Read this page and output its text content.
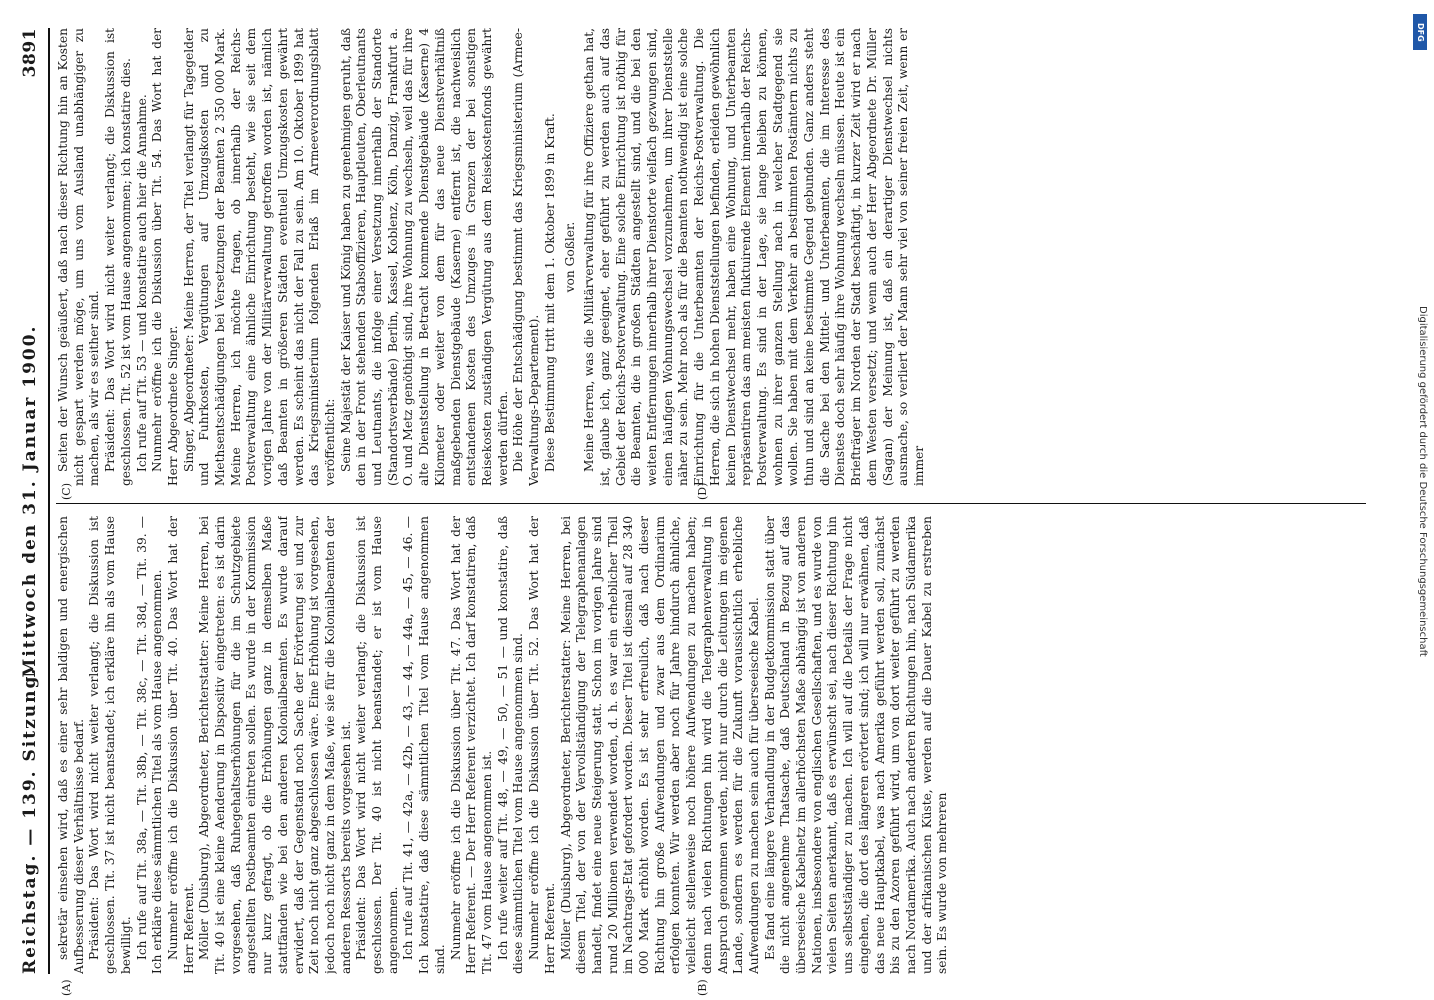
Reichstag. — 139. Sitzung.
Mittwoch den 31. Januar 1900.
3891
(A)	(B)
(C)	(D)

sekretär einsehen wird, daß es einer sehr baldigen und energischen Aufbesserung dieser Verhältnisse bedarf. Präsident: Das Wort wird nicht weiter verlangt; die Diskussion ist geschlossen. Tit. 37 ist nicht beanstandet; ich erkläre ihn als vom Hause bewilligt. Ich rufe auf Tit. 38a, — Tit. 38b, — Tit. 38c, — Tit. 38d, — Tit. 39. — Ich erkläre diese sämmtlichen Titel als vom Hause angenommen. Nunmehr eröffne ich die Diskussion über Tit. 40. Das Wort hat der Herr Referent. Möller (Duisburg), Abgeordneter, Berichterstatter: Meine Herren, bei Tit. 40 ist eine kleine Aenderung in Dispositiv eingetreten: es ist darin vorgesehen, daß Ruhegehaltserhöhungen für die im Schutzgebiete angestellten Postbeamten eintreten sollen. Es wurde in der Kommission nur kurz gefragt, ob die Erhöhungen ganz in demselben Maße stattfänden wie bei den anderen Kolonialbeamten. Es wurde darauf erwidert, daß der Gegenstand noch Sache der Erörterung sei und zur Zeit noch nicht ganz abgeschlossen wäre. Eine Erhöhung ist vorgesehen, jedoch noch nicht ganz in dem Maße, wie sie für die Kolonialbeamten der anderen Ressorts bereits vorgesehen ist. Präsident: Das Wort wird nicht weiter verlangt; die Diskussion ist geschlossen. Der Tit. 40 ist nicht beanstandet; er ist vom Hause angenommen. Ich rufe auf Tit. 41, — 42a, — 42b, — 43, — 44, — 44a, — 45, — 46. — Ich konstatire, daß diese sämmtlichen Titel vom Hause angenommen sind. Nunmehr eröffne ich die Diskussion über Tit. 47. Das Wort hat der Herr Referent. — Der Herr Referent verzichtet. Ich darf konstatiren, daß Tit. 47 vom Hause angenommen ist. Ich rufe weiter auf Tit. 48, — 49, — 50, — 51 — und konstatire, daß diese sämmtlichen Titel vom Hause angenommen sind. Nunmehr eröffne ich die Diskussion über Tit. 52. Das Wort hat der Herr Referent. Möller (Duisburg), Abgeordneter, Berichterstatter: Meine Herren, bei diesem Titel, der von der Vervollständigung der Telegraphenanlagen handelt, findet eine neue Steigerung statt. Schon im vorigen Jahre sind rund 20 Millionen verwendet worden, d. h. es war ein erheblicher Theil im Nachtrags-Etat gefordert worden. Dieser Titel ist diesmal auf 28 340 000 Mark erhöht worden. Es ist sehr erfreulich, daß nach dieser Richtung hin große Aufwendungen und zwar aus dem Ordinarium erfolgen konnten. Wir werden aber noch für Jahre hindurch ähnliche, vielleicht stellenweise noch höhere Aufwendungen zu machen haben; denn nach vielen Richtungen hin wird die Telegraphenverwaltung in Anspruch genommen werden, nicht nur durch die Leitungen im eigenen Lande, sondern es werden für die Zukunft voraussichtlich erhebliche Aufwendungen zu machen sein auch für überseeische Kabel. Es fand eine längere Verhandlung in der Budgetkommission statt über die nicht angenehme Thatsache, daß Deutschland in Bezug auf das überseeische Kabelnetz im allerhöchsten Maße abhängig ist von anderen Nationen, insbesondere von englischen Gesellschaften, und es wurde von vielen Seiten anerkannt, daß es erwünscht sei, nach dieser Richtung hin uns selbstständiger zu machen. Ich will auf die Details der Frage nicht eingehen, die dort des längeren erörtert sind; ich will nur erwähnen, daß das neue Hauptkabel, was nach Amerika geführt werden soll, zunächst bis zu den Azoren geführt wird, um von dort weiter geführt zu werden nach Nordamerika. Auch nach anderen Richtungen hin, nach Südamerika und der afrikanischen Küste, werden auf die Dauer Kabel zu erstreben sein. Es wurde von mehreren

Seiten der Wunsch geäußert, daß nach dieser Richtung hin an Kosten nicht gespart werden möge, um uns vom Ausland unabhängiger zu machen, als wir es seither sind. Präsident: Das Wort wird nicht weiter verlangt; die Diskussion ist geschlossen. Tit. 52 ist vom Hause angenommen; ich konstatire dies. Ich rufe auf Tit. 53 — und konstatire auch hier die Annahme. Nunmehr eröffne ich die Diskussion über Tit. 54. Das Wort hat der Herr Abgeordnete Singer. Singer, Abgeordneter: Meine Herren, der Titel verlangt für Tagegelder und Fuhrkosten, Vergütungen auf Umzugskosten und zu Miethsentschädigungen bei Versetzungen der Beamten 2 350 000 Mark. Meine Herren, ich möchte fragen, ob innerhalb der Reichs-Postverwaltung eine ähnliche Einrichtung besteht, wie sie seit dem vorigen Jahre von der Militärverwaltung getroffen worden ist, nämlich daß Beamten in größeren Städten eventuell Umzugskosten gewährt werden. Es scheint das nicht der Fall zu sein. Am 10. Oktober 1899 hat das Kriegsministerium folgenden Erlaß im Armeeverordnungsblatt veröffentlicht: Seine Majestät der Kaiser und König haben zu genehmigen geruht, daß den in der Front stehenden Stabsoffizieren, Hauptleuten, Oberleutnants und Leutnants, die infolge einer Versetzung innerhalb der Standorte (Standortsverbände) Berlin, Kassel, Koblenz, Köln, Danzig, Frankfurt a. O. und Metz genöthigt sind, ihre Wohnung zu wechseln, weil das für ihre alte Dienststellung in Betracht kommende Dienstgebäude (Kaserne) 4 Kilometer oder weiter von dem für das neue Dienstverhältniß maßgebenden Dienstgebäude (Kaserne) entfernt ist, die nachweislich entstandenen Kosten des Umzuges in Grenzen der bei sonstigen Reisekosten zuständigen Vergütung aus dem Reisekostenfonds gewährt werden dürfen. Die Höhe der Entschädigung bestimmt das Kriegsministerium (Armee-Verwaltungs-Departement). Diese Bestimmung tritt mit dem 1. Oktober 1899 in Kraft. von Goßler. Meine Herren, was die Militärverwaltung für ihre Offiziere gethan hat, ist, glaube ich, ganz geeignet, eher geführt zu werden auch auf das Gebiet der Reichs-Postverwaltung. Eine solche Einrichtung ist nöthig für die Beamten, die in großen Städten angestellt sind, und die bei den weiten Entfernungen innerhalb ihrer Dienstorte vielfach gezwungen sind, einen häufigen Wohnungswechsel vorzunehmen, um ihrer Dienststelle näher zu sein. Mehr noch als für die Beamten nothwendig ist eine solche Einrichtung für die Unterbeamten der Reichs-Postverwaltung. Die Herren, die sich in hohen Dienststellungen befinden, erleiden gewöhnlich keinen Dienstwechsel mehr, haben eine Wohnung, und Unterbeamten repräsentiren das am meisten fluktuirende Element innerhalb der Reichs-Postverwaltung. Es sind in der Lage, sie lange bleiben zu können, wohnen zu ihrer ganzen Stellung nach in welcher Stadtgegend sie wollen. Sie haben mit dem Verkehr an bestimmten Postämtern nichts zu thun und sind an keine bestimmte Gegend gebunden. Ganz anders steht die Sache bei den Mittel- und Unterbeamten, die im Interesse des Dienstes doch sehr häufig ihre Wohnung wechseln müssen. Heute ist ein Briefträger im Norden der Stadt beschäftigt, in kurzer Zeit wird er nach dem Westen versetzt; und wenn auch der Herr Abgeordnete Dr. Müller (Sagan) der Meinung ist, daß ein derartiger Dienstwechsel nichts ausmache, so verliert der Mann sehr viel von seiner freien Zeit, wenn er immer

DFG
Digitalisierung gefördert durch die Deutsche Forschungsgemeinschaft
